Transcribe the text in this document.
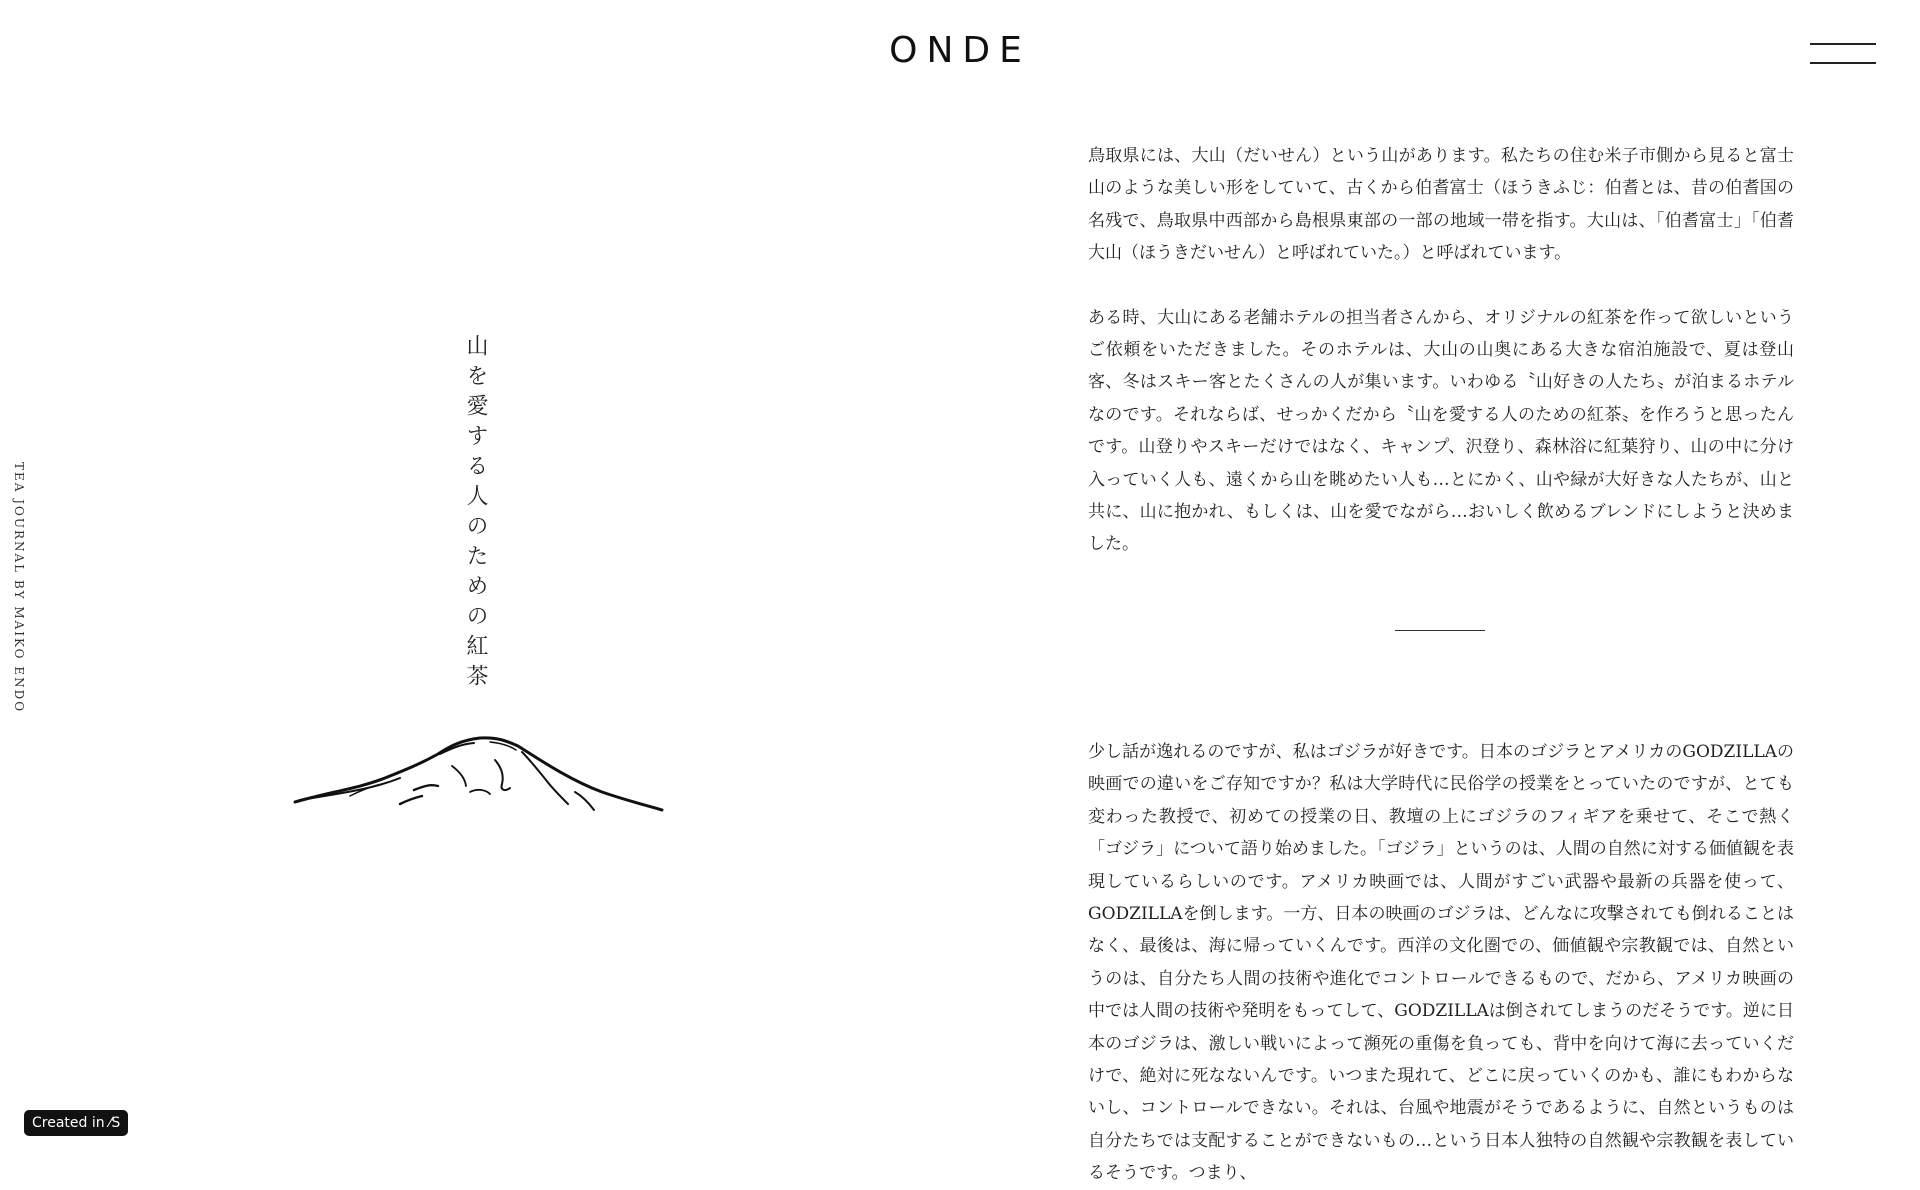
ONDE
TEA JOURNAL BY MAIKO ENDO	山を愛する人のための紅茶

鳥取県には、大山（だいせん）という山があります。私たちの住む米子市側から見ると富士山のような美しい形をしていて、古くから伯耆富士（ほうきふじ：伯耆とは、昔の伯耆国の名残で、鳥取県中西部から島根県東部の一部の地域一帯を指す。大山は、「伯耆富士」「伯耆大山（ほうきだいせん）と呼ばれていた。）と呼ばれています。

ある時、大山にある老舗ホテルの担当者さんから、オリジナルの紅茶を作って欲しいというご依頼をいただきました。そのホテルは、大山の山奥にある大きな宿泊施設で、夏は登山客、冬はスキー客とたくさんの人が集います。いわゆる〝山好きの人たち〟が泊まるホテルなのです。それならば、せっかくだから〝山を愛する人のための紅茶〟を作ろうと思ったんです。山登りやスキーだけではなく、キャンプ、沢登り、森林浴に紅葉狩り、山の中に分け入っていく人も、遠くから山を眺めたい人も…とにかく、山や緑が大好きな人たちが、山と共に、山に抱かれ、もしくは、山を愛でながら…おいしく飲めるブレンドにしようと決めました。

少し話が逸れるのですが、私はゴジラが好きです。日本のゴジラとアメリカのGODZILLAの映画での違いをご存知ですか？私は大学時代に民俗学の授業をとっていたのですが、とても変わった教授で、初めての授業の日、教壇の上にゴジラのフィギアを乗せて、そこで熱く「ゴジラ」について語り始めました。「ゴジラ」というのは、人間の自然に対する価値観を表現しているらしいのです。アメリカ映画では、人間がすごい武器や最新の兵器を使って、GODZILLAを倒します。一方、日本の映画のゴジラは、どんなに攻撃されても倒れることはなく、最後は、海に帰っていくんです。西洋の文化圏での、価値観や宗教観では、自然というのは、自分たち人間の技術や進化でコントロールできるもので、だから、アメリカ映画の中では人間の技術や発明をもってして、GODZILLAは倒されてしまうのだそうです。逆に日本のゴジラは、激しい戦いによって瀕死の重傷を負っても、背中を向けて海に去っていくだけで、絶対に死なないんです。いつまた現れて、どこに戻っていくのかも、誰にもわからないし、コントロールできない。それは、台風や地震がそうであるように、自然というものは自分たちでは支配することができないもの…という日本人独特の自然観や宗教観を表しているそうです。つまり、

Created in ⁄S
